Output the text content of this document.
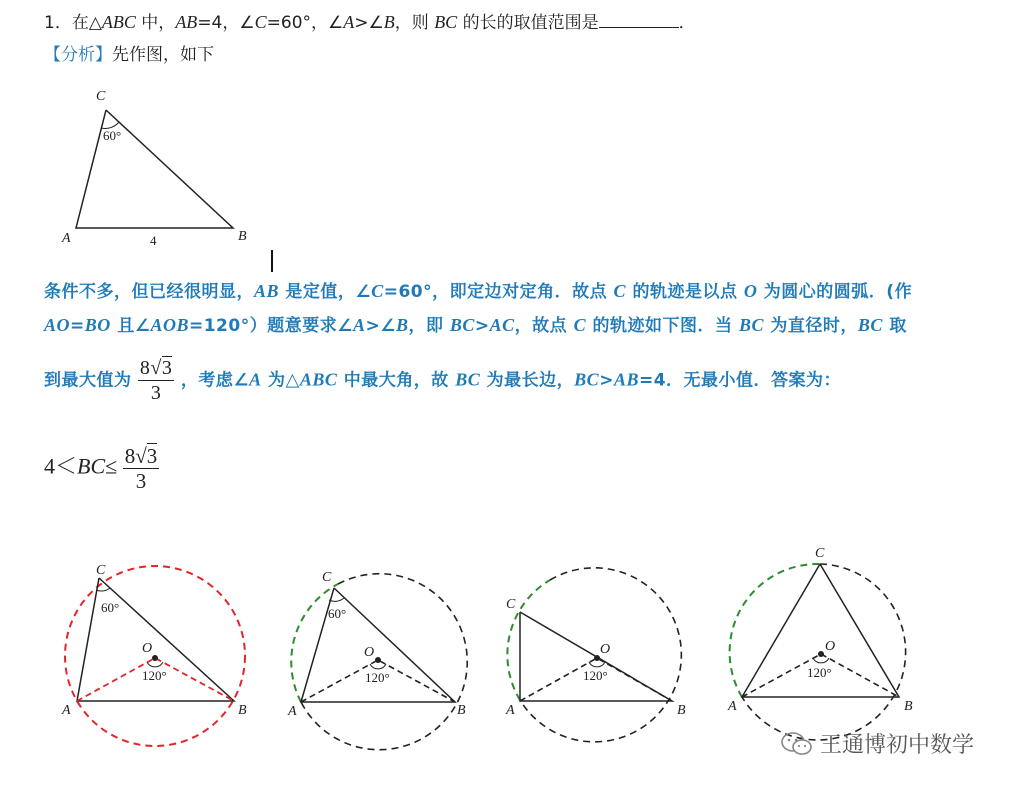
1．在△ABC 中，AB=4，∠C=60°，∠A>∠B，则 BC 的长的取值范围是	．
【分析】先作图，如下
C
A	B
60°
4
条件不多，但已经很明显，AB 是定值，∠C=60°，即定边对定角．故点 C 的轨迹是以点 O 为圆心的圆弧．(作
AO=BO 且∠AOB=120°）题意要求∠A>∠B，即 BC>AC，故点 C 的轨迹如下图．当 BC 为直径时，BC 取
到最大值为 $\frac{8√3}{3}$ ，考虑∠A 为△ABC 中最大角，故 BC 为最长边，BC>AB=4．无最小值．答案为：
$4<BC\le \frac{8√3}{3}$
C
A	B
O
60°
120°
C
A	B
O
60°
120°
C
A	B
O
120°
C
A	B
O
120°
王通博初中数学
